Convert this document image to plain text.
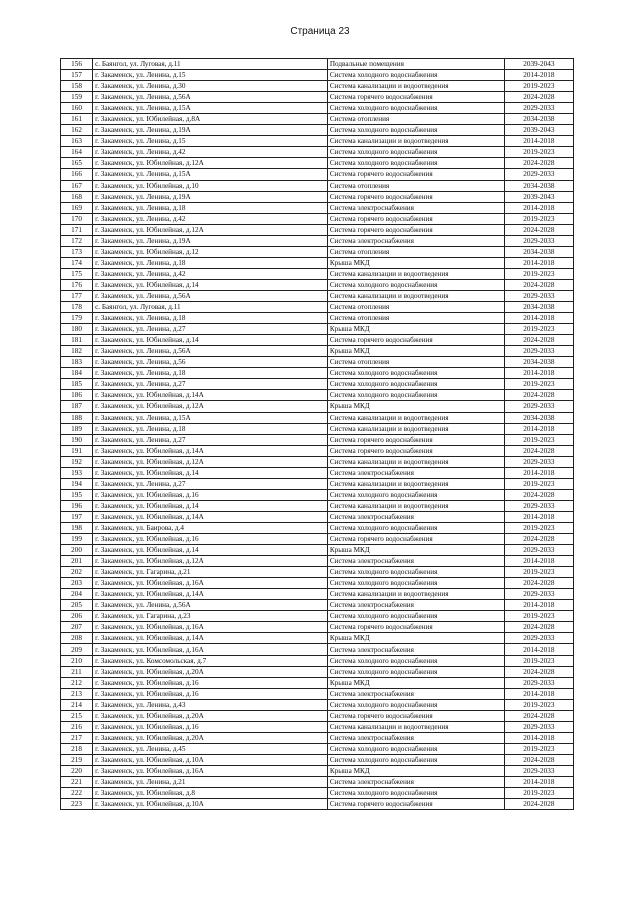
Страница 23
156	с. Баянгол, ул. Луговая, д.11	Подвальные помещения	2039-2043
157	г. Закаменск, ул. Ленина, д.15	Система холодного водоснабжения	2014-2018
158	г. Закаменск, ул. Ленина, д.30	Система канализации и водоотведения	2019-2023
159	г. Закаменск, ул. Ленина, д.56А	Система горячего водоснабжения	2024-2028
160	г. Закаменск, ул. Ленина, д.15А	Система холодного водоснабжения	2029-2033
161	г. Закаменск, ул. Юбилейная, д.8А	Система отопления	2034-2038
162	г. Закаменск, ул. Ленина, д.19А	Система холодного водоснабжения	2039-2043
163	г. Закаменск, ул. Ленина, д.15	Система канализации и водоотведения	2014-2018
164	г. Закаменск, ул. Ленина, д.42	Система холодного водоснабжения	2019-2023
165	г. Закаменск, ул. Юбилейная, д.12А	Система холодного водоснабжения	2024-2028
166	г. Закаменск, ул. Ленина, д.15А	Система горячего водоснабжения	2029-2033
167	г. Закаменск, ул. Юбилейная, д.10	Система отопления	2034-2038
168	г. Закаменск, ул. Ленина, д.19А	Система горячего водоснабжения	2039-2043
169	г. Закаменск, ул. Ленина, д.18	Система электроснабжения	2014-2018
170	г. Закаменск, ул. Ленина, д.42	Система горячего водоснабжения	2019-2023
171	г. Закаменск, ул. Юбилейная, д.12А	Система горячего водоснабжения	2024-2028
172	г. Закаменск, ул. Ленина, д.19А	Система электроснабжения	2029-2033
173	г. Закаменск, ул. Юбилейная, д.12	Система отопления	2034-2038
174	г. Закаменск, ул. Ленина, д.18	Крыша МКД	2014-2018
175	г. Закаменск, ул. Ленина, д.42	Система канализации и водоотведения	2019-2023
176	г. Закаменск, ул. Юбилейная, д.14	Система холодного водоснабжения	2024-2028
177	г. Закаменск, ул. Ленина, д.56А	Система канализации и водоотведения	2029-2033
178	с. Баянгол, ул. Луговая, д.11	Система отопления	2034-2038
179	г. Закаменск, ул. Ленина, д.18	Система отопления	2014-2018
180	г. Закаменск, ул. Ленина, д.27	Крыша МКД	2019-2023
181	г. Закаменск, ул. Юбилейная, д.14	Система горячего водоснабжения	2024-2028
182	г. Закаменск, ул. Ленина, д.56А	Крыша МКД	2029-2033
183	г. Закаменск, ул. Ленина, д.56	Система отопления	2034-2038
184	г. Закаменск, ул. Ленина, д.18	Система холодного водоснабжения	2014-2018
185	г. Закаменск, ул. Ленина, д.27	Система холодного водоснабжения	2019-2023
186	г. Закаменск, ул. Юбилейная, д.14А	Система холодного водоснабжения	2024-2028
187	г. Закаменск, ул. Юбилейная, д.12А	Крыша МКД	2029-2033
188	г. Закаменск, ул. Ленина, д.15А	Система канализации и водоотведения	2034-2038
189	г. Закаменск, ул. Ленина, д.18	Система канализации и водоотведения	2014-2018
190	г. Закаменск, ул. Ленина, д.27	Система горячего водоснабжения	2019-2023
191	г. Закаменск, ул. Юбилейная, д.14А	Система горячего водоснабжения	2024-2028
192	г. Закаменск, ул. Юбилейная, д.12А	Система канализации и водоотведения	2029-2033
193	г. Закаменск, ул. Юбилейная, д.14	Система электроснабжения	2014-2018
194	г. Закаменск, ул. Ленина, д.27	Система канализации и водоотведения	2019-2023
195	г. Закаменск, ул. Юбилейная, д.16	Система холодного водоснабжения	2024-2028
196	г. Закаменск, ул. Юбилейная, д.14	Система канализации и водоотведения	2029-2033
197	г. Закаменск, ул. Юбилейная, д.14А	Система электроснабжения	2014-2018
198	г. Закаменск, ул. Баирова, д.4	Система холодного водоснабжения	2019-2023
199	г. Закаменск, ул. Юбилейная, д.16	Система горячего водоснабжения	2024-2028
200	г. Закаменск, ул. Юбилейная, д.14	Крыша МКД	2029-2033
201	г. Закаменск, ул. Юбилейная, д.12А	Система электроснабжения	2014-2018
202	г. Закаменск, ул. Гагарина, д.21	Система холодного водоснабжения	2019-2023
203	г. Закаменск, ул. Юбилейная, д.16А	Система холодного водоснабжения	2024-2028
204	г. Закаменск, ул. Юбилейная, д.14А	Система канализации и водоотведения	2029-2033
205	г. Закаменск, ул. Ленина, д.56А	Система электроснабжения	2014-2018
206	г. Закаменск, ул. Гагарина, д.23	Система холодного водоснабжения	2019-2023
207	г. Закаменск, ул. Юбилейная, д.16А	Система горячего водоснабжения	2024-2028
208	г. Закаменск, ул. Юбилейная, д.14А	Крыша МКД	2029-2033
209	г. Закаменск, ул. Юбилейная, д.16А	Система электроснабжения	2014-2018
210	г. Закаменск, ул. Комсомольская, д.7	Система холодного водоснабжения	2019-2023
211	г. Закаменск, ул. Юбилейная, д.20А	Система холодного водоснабжения	2024-2028
212	г. Закаменск, ул. Юбилейная, д.16	Крыша МКД	2029-2033
213	г. Закаменск, ул. Юбилейная, д.16	Система электроснабжения	2014-2018
214	г. Закаменск, ул. Ленина, д.43	Система холодного водоснабжения	2019-2023
215	г. Закаменск, ул. Юбилейная, д.20А	Система горячего водоснабжения	2024-2028
216	г. Закаменск, ул. Юбилейная, д.16	Система канализации и водоотведения	2029-2033
217	г. Закаменск, ул. Юбилейная, д.20А	Система электроснабжения	2014-2018
218	г. Закаменск, ул. Ленина, д.45	Система холодного водоснабжения	2019-2023
219	г. Закаменск, ул. Юбилейная, д.10А	Система холодного водоснабжения	2024-2028
220	г. Закаменск, ул. Юбилейная, д.16А	Крыша МКД	2029-2033
221	г. Закаменск, ул. Ленина, д.21	Система электроснабжения	2014-2018
222	г. Закаменск, ул. Юбилейная, д.8	Система холодного водоснабжения	2019-2023
223	г. Закаменск, ул. Юбилейная, д.10А	Система горячего водоснабжения	2024-2028
